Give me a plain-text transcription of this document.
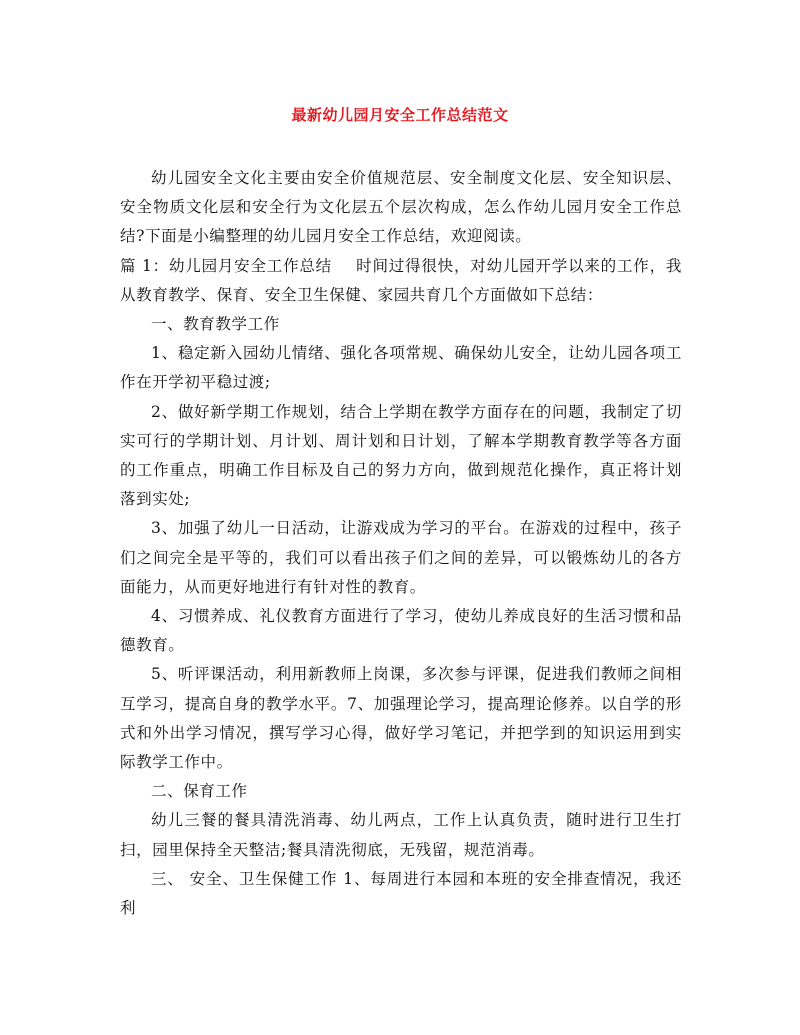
最新幼儿园月安全工作总结范文

幼儿园安全文化主要由安全价值规范层、安全制度文化层、安全知识层、安全物质文化层和安全行为文化层五个层次构成，怎么作幼儿园月安全工作总结?下面是小编整理的幼儿园月安全工作总结，欢迎阅读。

篇 1：幼儿园月安全工作总结 时间过得很快，对幼儿园开学以来的工作，我从教育教学、保育、安全卫生保健、家园共育几个方面做如下总结：

一、教育教学工作

1、稳定新入园幼儿情绪、强化各项常规、确保幼儿安全，让幼儿园各项工作在开学初平稳过渡;

2、做好新学期工作规划，结合上学期在教学方面存在的问题，我制定了切实可行的学期计划、月计划、周计划和日计划，了解本学期教育教学等各方面的工作重点，明确工作目标及自己的努力方向，做到规范化操作，真正将计划落到实处;

3、加强了幼儿一日活动，让游戏成为学习的平台。在游戏的过程中，孩子们之间完全是平等的，我们可以看出孩子们之间的差异，可以锻炼幼儿的各方面能力，从而更好地进行有针对性的教育。

4、习惯养成、礼仪教育方面进行了学习，使幼儿养成良好的生活习惯和品德教育。

5、听评课活动，利用新教师上岗课，多次参与评课，促进我们教师之间相互学习，提高自身的教学水平。7、加强理论学习，提高理论修养。以自学的形式和外出学习情况，撰写学习心得，做好学习笔记，并把学到的知识运用到实际教学工作中。

二、保育工作

幼儿三餐的餐具清洗消毒、幼儿两点，工作上认真负责，随时进行卫生打扫，园里保持全天整洁;餐具清洗彻底，无残留，规范消毒。

三、 安全、卫生保健工作 1、每周进行本园和本班的安全排查情况，我还利
